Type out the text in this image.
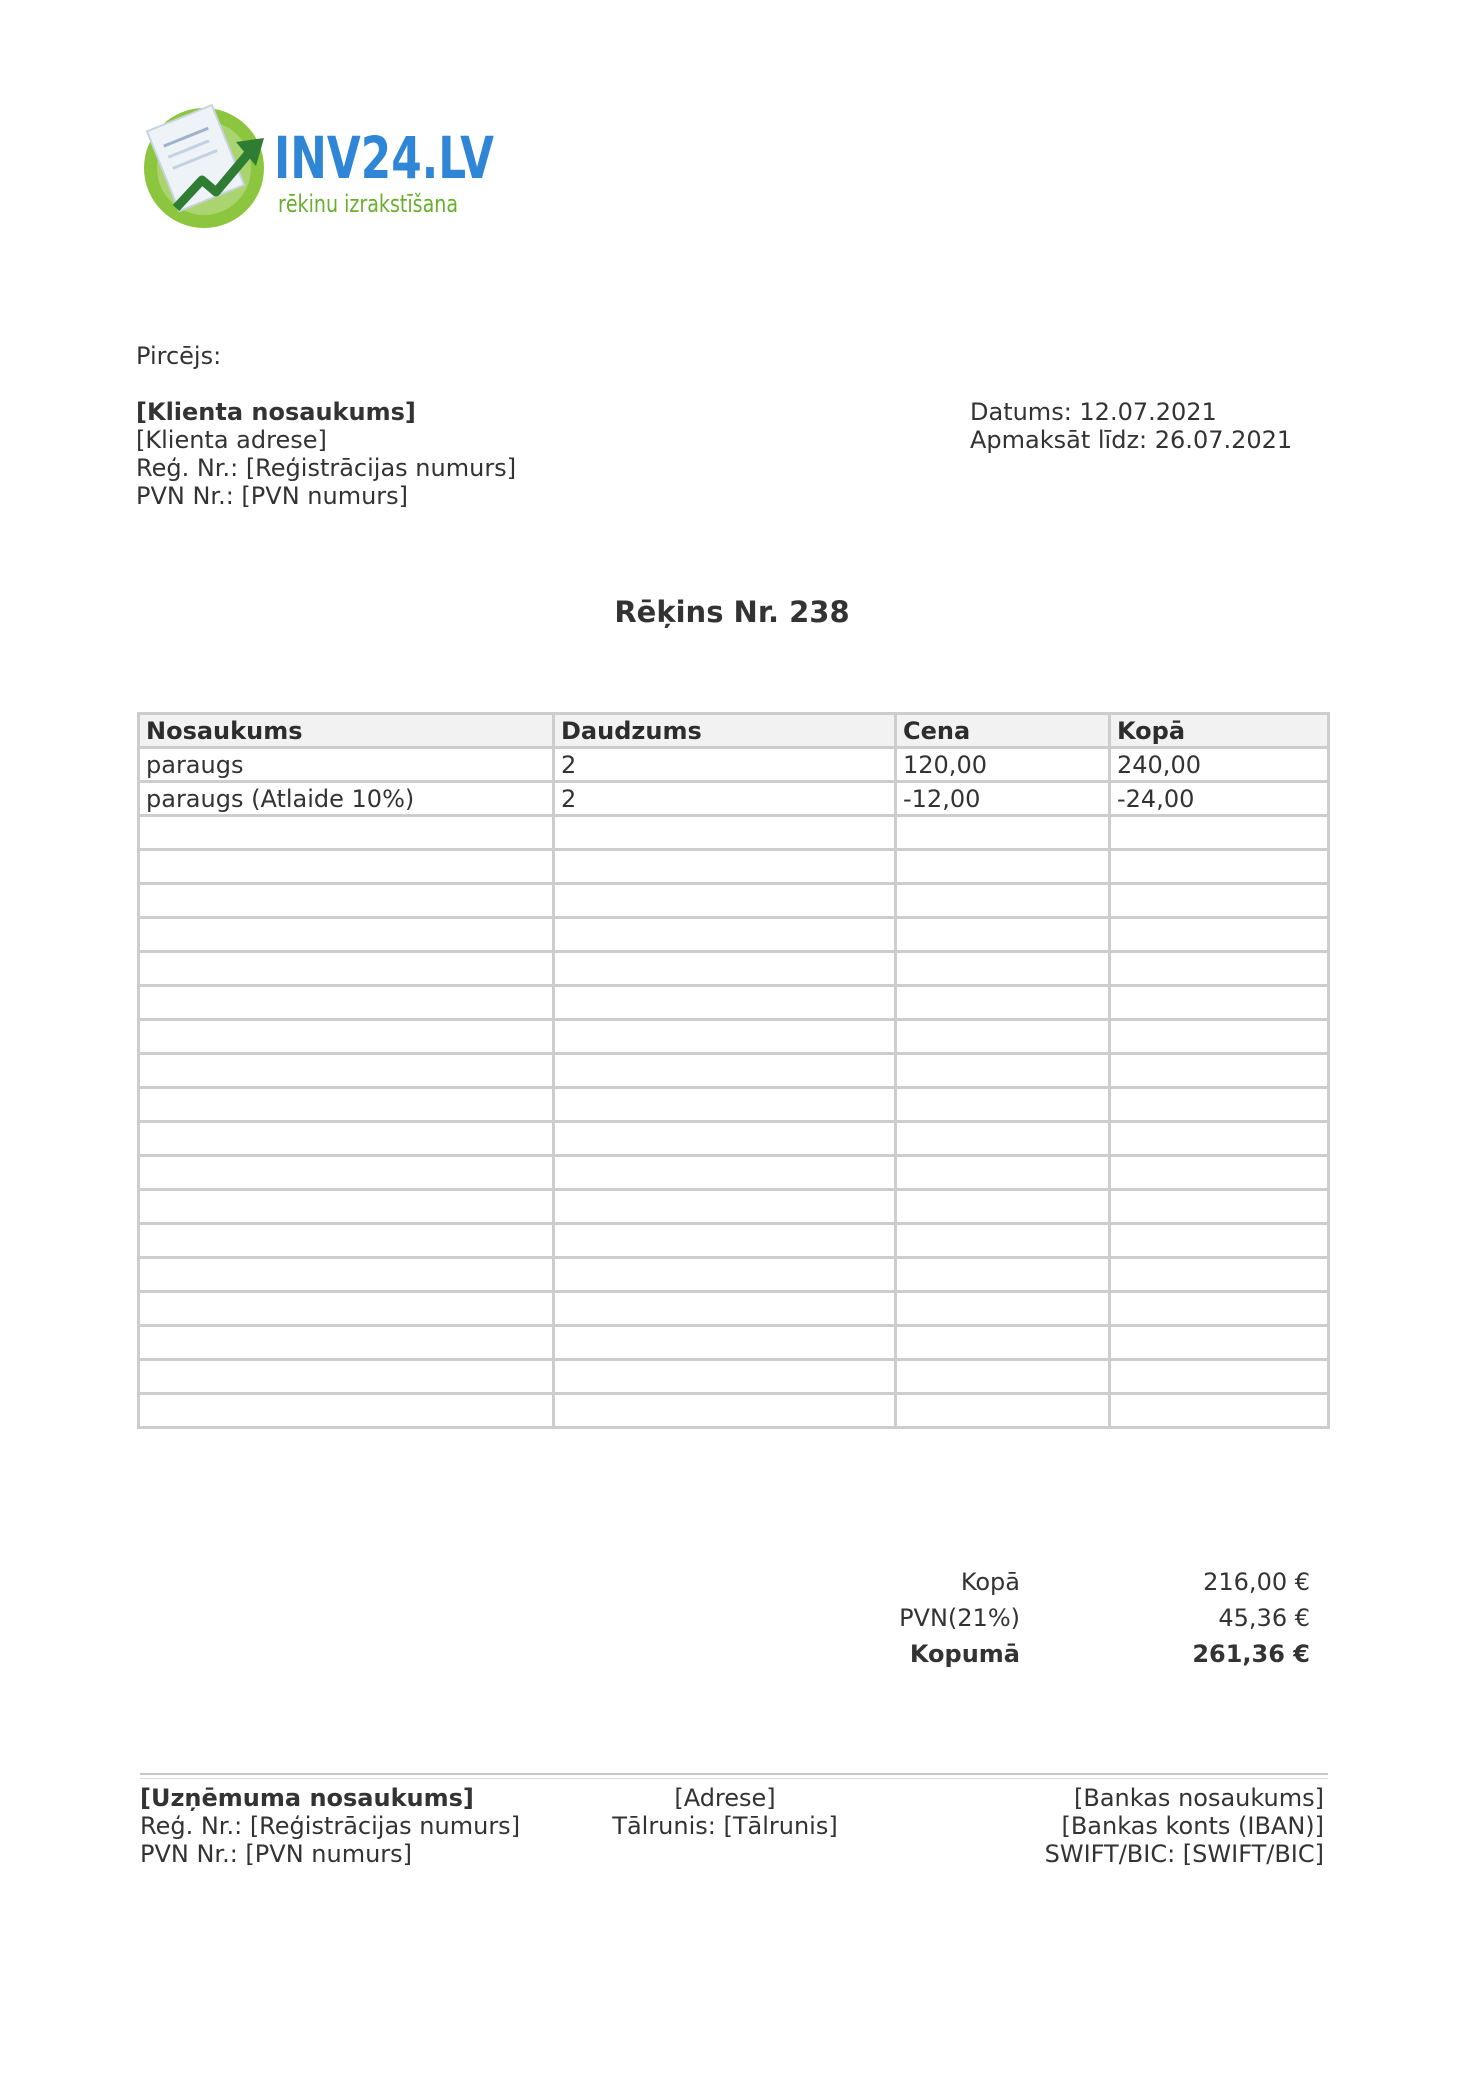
INV24.LV
rēkinu izrakstīšana
Pircējs:
[Klienta nosaukums]
[Klienta adrese]
Reģ. Nr.: [Reģistrācijas numurs]
PVN Nr.: [PVN numurs]
Datums: 12.07.2021
Apmaksāt līdz: 26.07.2021
Rēķins Nr. 238
Nosaukums	Daudzums	Cena	Kopā
paraugs	2	120,00	240,00
paraugs (Atlaide 10%)	2	-12,00	-24,00

Kopā	216,00 €
PVN(21%)	45,36 €
Kopumā	261,36 €
[Uzņēmuma nosaukums]
Reģ. Nr.: [Reģistrācijas numurs]
PVN Nr.: [PVN numurs]
[Adrese]
Tālrunis: [Tālrunis]
[Bankas nosaukums]
[Bankas konts (IBAN)]
SWIFT/BIC: [SWIFT/BIC]
